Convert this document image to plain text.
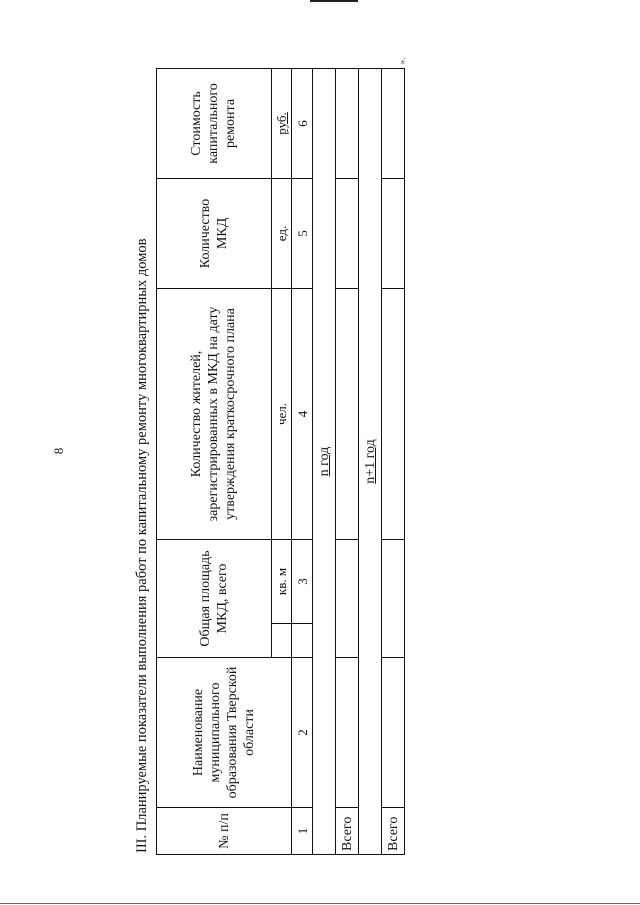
8
».
III. Планируемые показатели выполнения работ по капитальному ремонту многоквартирных домов	№ п/п	Наименование муниципального образования Тверской области	Общая площадь МКД, всего		Количество жителей, зарегистрированных в МКД на дату утверждения краткосрочного плана	Количество МКД	Стоимость капитального ремонта
			кв. м	чел.	ед.	руб.
1	2		3	4	5	6
n год						
Всего						
n+1 год						
Всего						
